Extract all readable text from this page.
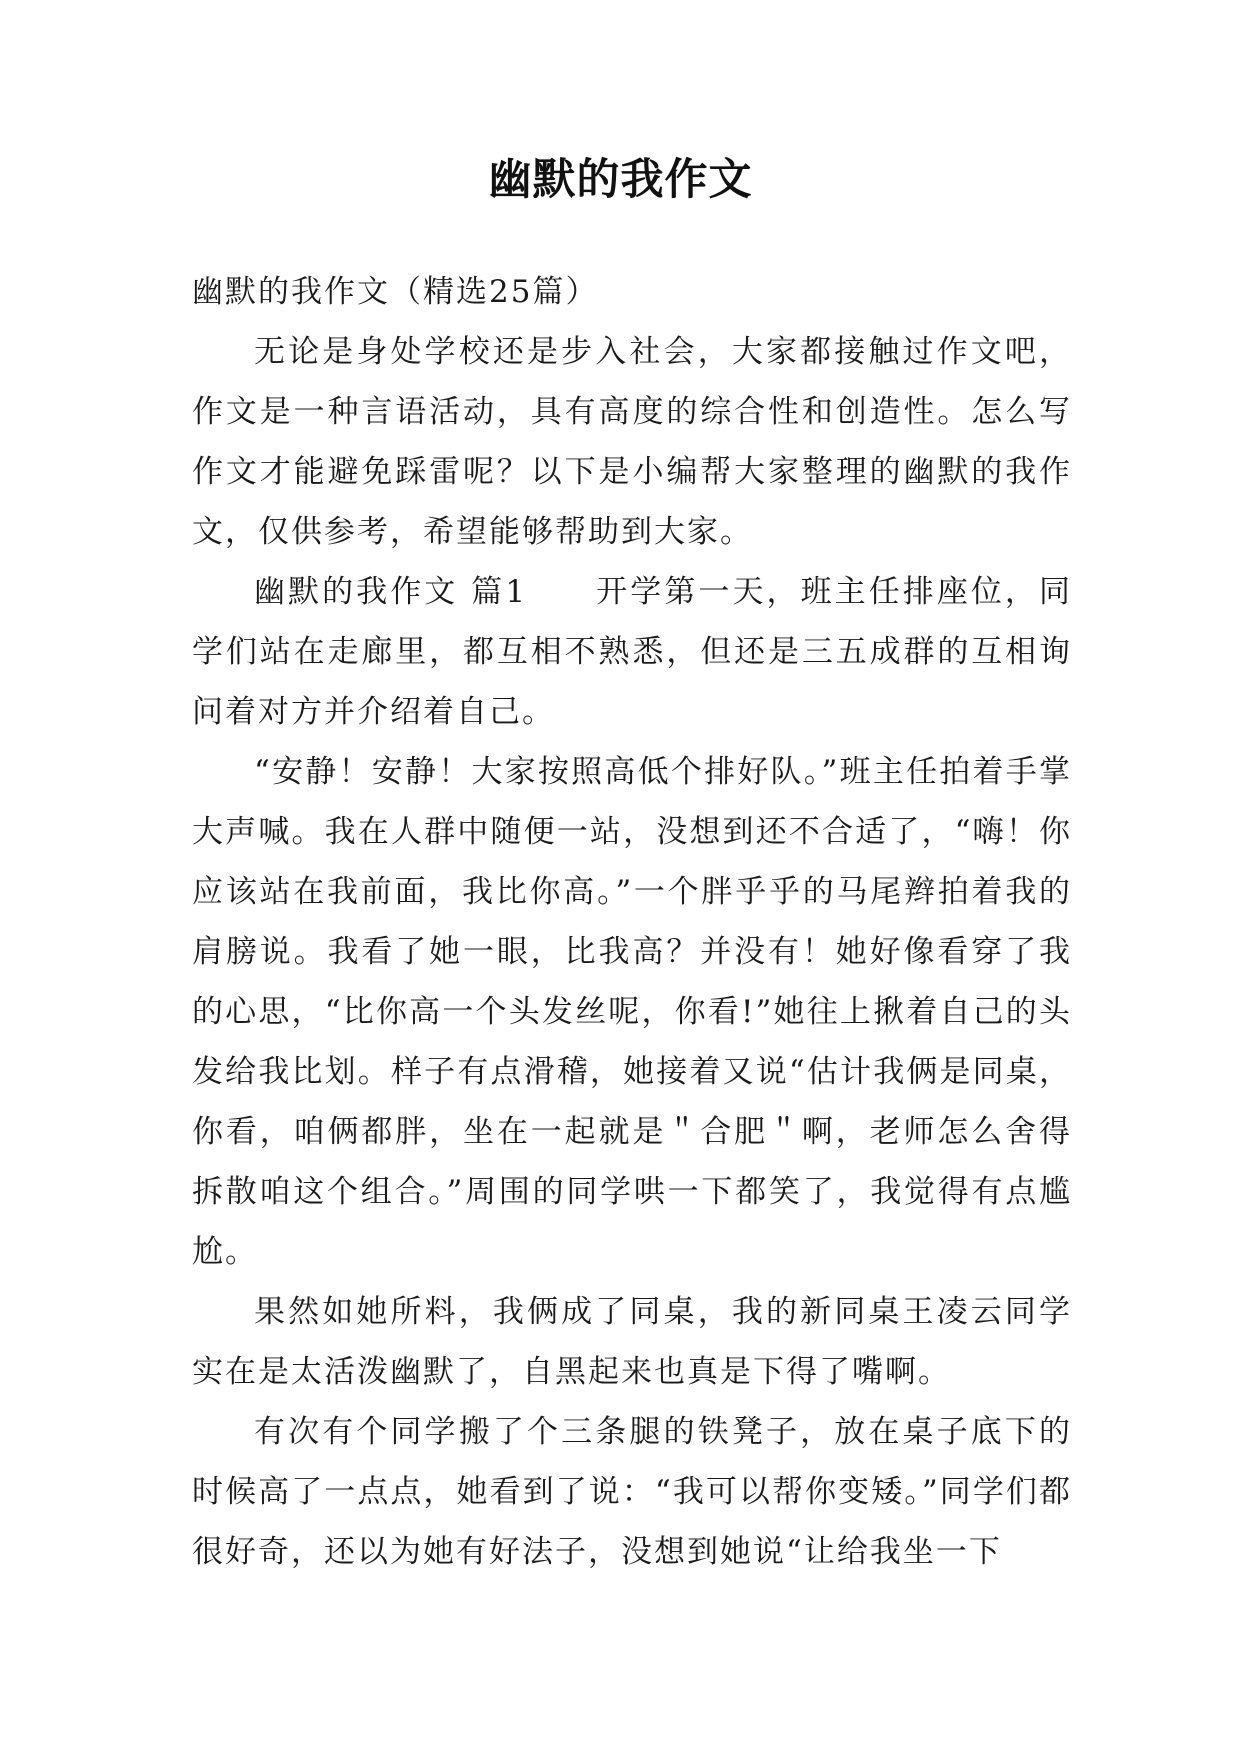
幽默的我作文

幽默的我作文（精选25篇）

无论是身处学校还是步入社会，大家都接触过作文吧，作文是一种言语活动，具有高度的综合性和创造性。怎么写作文才能避免踩雷呢？以下是小编帮大家整理的幽默的我作文，仅供参考，希望能够帮助到大家。

幽默的我作文 篇1　　开学第一天，班主任排座位，同学们站在走廊里，都互相不熟悉，但还是三五成群的互相询问着对方并介绍着自己。

“安静！安静！大家按照高低个排好队。”班主任拍着手掌大声喊。我在人群中随便一站，没想到还不合适了，“嗨！你应该站在我前面，我比你高。”一个胖乎乎的马尾辫拍着我的肩膀说。我看了她一眼，比我高？并没有！她好像看穿了我的心思，“比你高一个头发丝呢，你看!”她往上揪着自己的头发给我比划。样子有点滑稽，她接着又说“估计我俩是同桌，你看，咱俩都胖，坐在一起就是＂合肥＂啊，老师怎么舍得拆散咱这个组合。”周围的同学哄一下都笑了，我觉得有点尴尬。

果然如她所料，我俩成了同桌，我的新同桌王凌云同学实在是太活泼幽默了，自黑起来也真是下得了嘴啊。

有次有个同学搬了个三条腿的铁凳子，放在桌子底下的时候高了一点点，她看到了说：“我可以帮你变矮。”同学们都很好奇，还以为她有好法子，没想到她说“让给我坐一下
